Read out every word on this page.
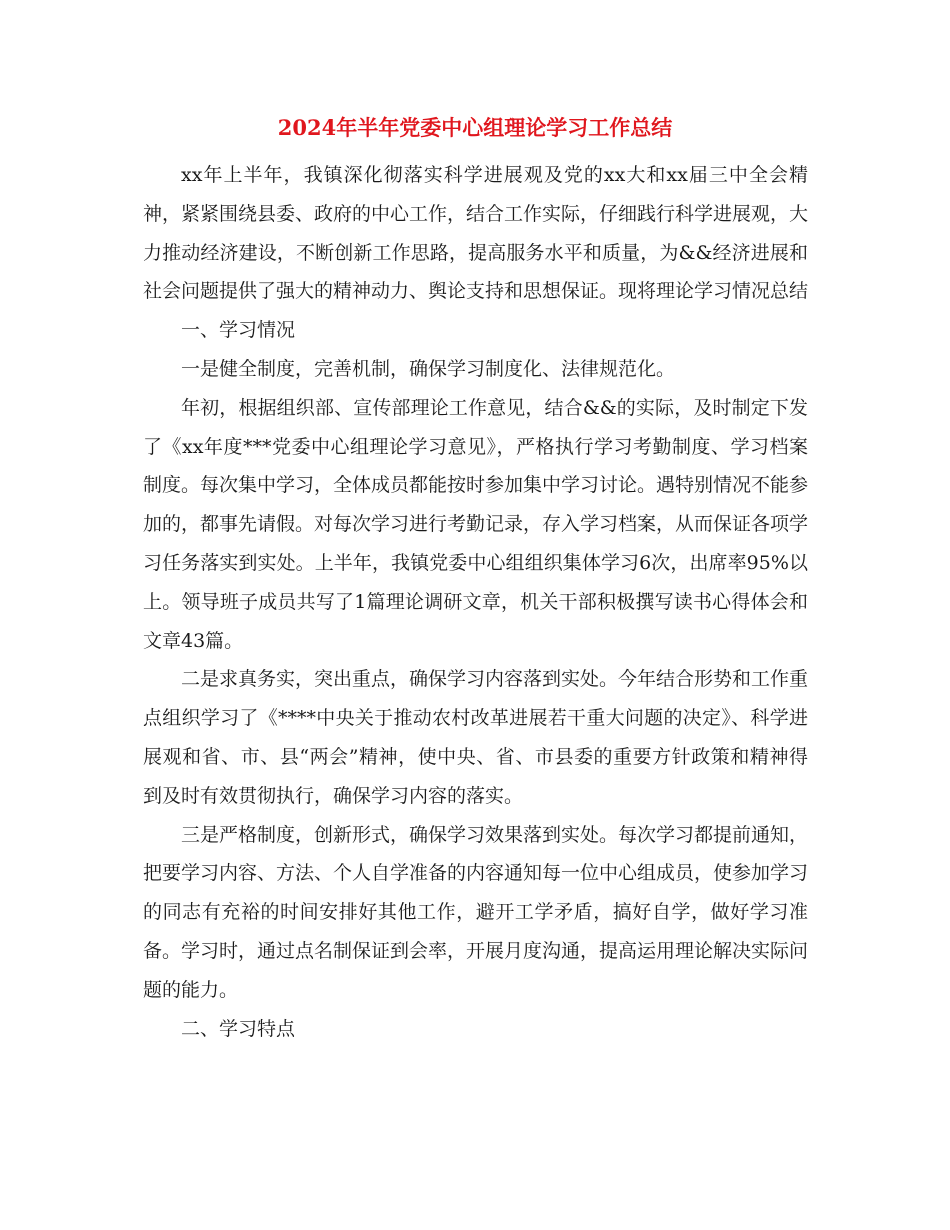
2024年半年党委中心组理论学习工作总结

xx年上半年，我镇深化彻落实科学进展观及党的xx大和xx届三中全会精神，紧紧围绕县委、政府的中心工作，结合工作实际，仔细践行科学进展观，大力推动经济建设，不断创新工作思路，提高服务水平和质量，为&&经济进展和社会问题提供了强大的精神动力、舆论支持和思想保证。现将理论学习情况总结

一、学习情况

一是健全制度，完善机制，确保学习制度化、法律规范化。

年初，根据组织部、宣传部理论工作意见，结合&&的实际，及时制定下发了《xx年度***党委中心组理论学习意见》，严格执行学习考勤制度、学习档案制度。每次集中学习，全体成员都能按时参加集中学习讨论。遇特别情况不能参加的，都事先请假。对每次学习进行考勤记录，存入学习档案，从而保证各项学习任务落实到实处。上半年，我镇党委中心组组织集体学习6次，出席率95%以上。领导班子成员共写了1篇理论调研文章，机关干部积极撰写读书心得体会和文章43篇。

二是求真务实，突出重点，确保学习内容落到实处。今年结合形势和工作重点组织学习了《****中央关于推动农村改革进展若干重大问题的决定》、科学进展观和省、市、县“两会”精神，使中央、省、市县委的重要方针政策和精神得到及时有效贯彻执行，确保学习内容的落实。

三是严格制度，创新形式，确保学习效果落到实处。每次学习都提前通知，把要学习内容、方法、个人自学准备的内容通知每一位中心组成员，使参加学习的同志有充裕的时间安排好其他工作，避开工学矛盾，搞好自学，做好学习准备。学习时，通过点名制保证到会率，开展月度沟通，提高运用理论解决实际问题的能力。

二、学习特点
